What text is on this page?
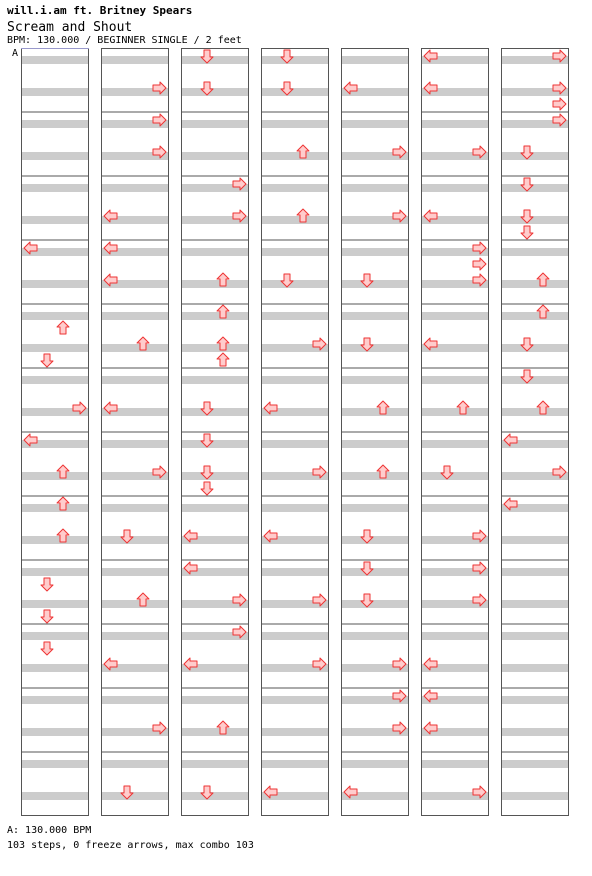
will.i.am ft. Britney Spears
Scream and Shout
BPM: 130.000 / BEGINNER SINGLE / 2 feet
A
A: 130.000 BPM
103 steps, 0 freeze arrows, max combo 103
